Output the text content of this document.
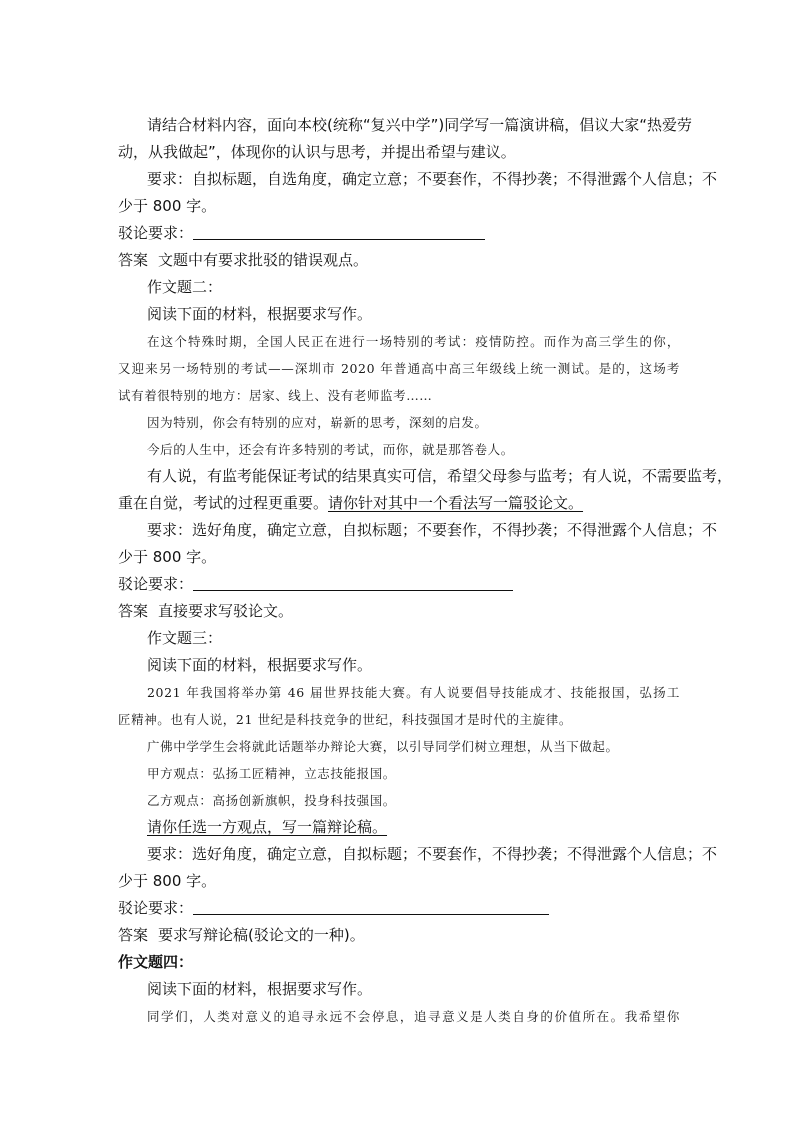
请结合材料内容，面向本校(统称“复兴中学”)同学写一篇演讲稿，倡议大家“热爱劳
动，从我做起”，体现你的认识与思考，并提出希望与建议。
要求：自拟标题，自选角度，确定立意；不要套作，不得抄袭；不得泄露个人信息；不
少于 800 字。
驳论要求：
答案 文题中有要求批驳的错误观点。
作文题二：
阅读下面的材料，根据要求写作。
在这个特殊时期，全国人民正在进行一场特别的考试：疫情防控。而作为高三学生的你，
又迎来另一场特别的考试——深圳市 2020 年普通高中高三年级线上统一测试。是的，这场考
试有着很特别的地方：居家、线上、没有老师监考……
因为特别，你会有特别的应对，崭新的思考，深刻的启发。
今后的人生中，还会有许多特别的考试，而你，就是那答卷人。
有人说，有监考能保证考试的结果真实可信，希望父母参与监考；有人说，不需要监考，
重在自觉，考试的过程更重要。请你针对其中一个看法写一篇驳论文。
要求：选好角度，确定立意，自拟标题；不要套作，不得抄袭；不得泄露个人信息；不
少于 800 字。
驳论要求：
答案 直接要求写驳论文。
作文题三：
阅读下面的材料，根据要求写作。
2021 年我国将举办第 46 届世界技能大赛。有人说要倡导技能成才、技能报国，弘扬工
匠精神。也有人说，21 世纪是科技竞争的世纪，科技强国才是时代的主旋律。
广佛中学学生会将就此话题举办辩论大赛，以引导同学们树立理想，从当下做起。
甲方观点：弘扬工匠精神，立志技能报国。
乙方观点：高扬创新旗帜，投身科技强国。
请你任选一方观点，写一篇辩论稿。
要求：选好角度，确定立意，自拟标题；不要套作，不得抄袭；不得泄露个人信息；不
少于 800 字。
驳论要求：
答案 要求写辩论稿(驳论文的一种)。
作文题四：
阅读下面的材料，根据要求写作。
同学们，人类对意义的追寻永远不会停息，追寻意义是人类自身的价值所在。我希望你
